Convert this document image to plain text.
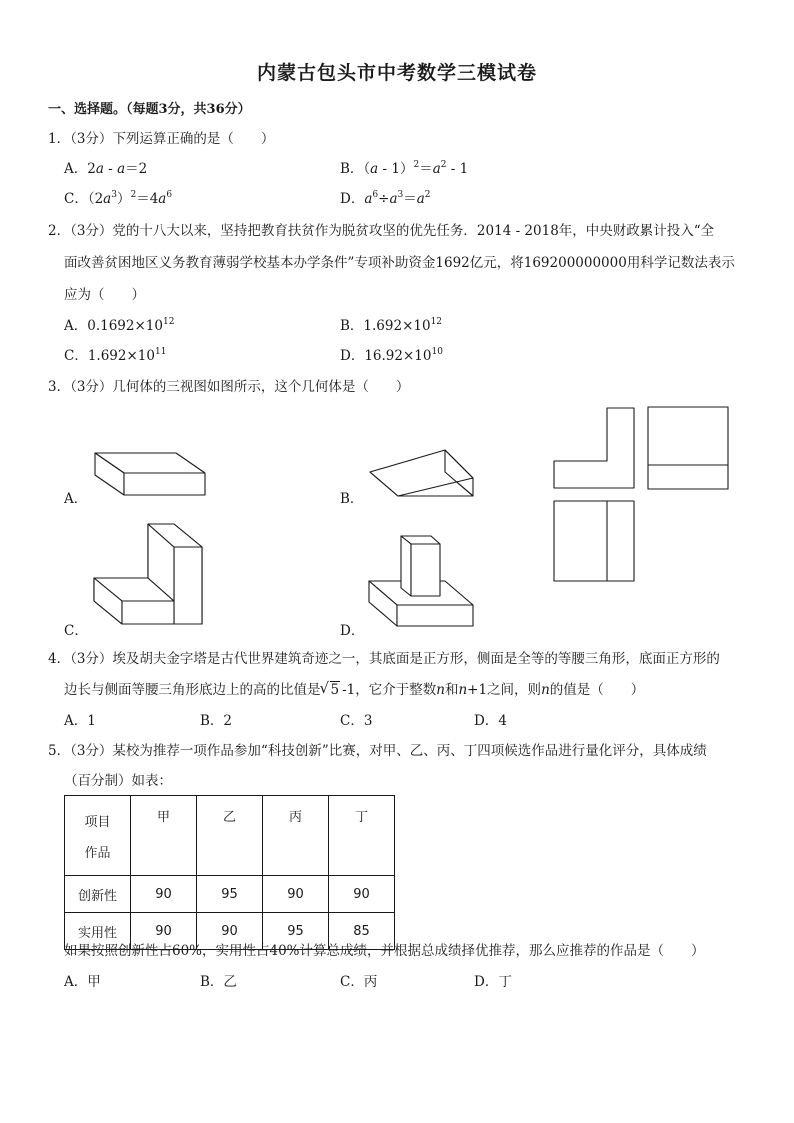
内蒙古包头市中考数学三模试卷
一、选择题。（每题3分，共36分）
1．（3分）下列运算正确的是（　　）
A．2a - a＝2	B．$(a - 1)^2=a^2 - 1$
C．$(2a^3)^2=4a^6$	D．$a^6\div a^3=a^2$
2．（3分）党的十八大以来，坚持把教育扶贫作为脱贫攻坚的优先任务．2014 - 2018年，中央财政累计投入“全
面改善贫困地区义务教育薄弱学校基本办学条件”专项补助资金1692亿元，将169200000000用科学记数法表示
应为（　　）
A．$0.1692\times 10^{12}$	B．$1.692\times 10^{12}$
C．$1.692\times 10^{11}$	D．$16.92\times 10^{10}$
3．（3分）几何体的三视图如图所示，这个几何体是（　　）
A．	B．
C．	D．
4．（3分）埃及胡夫金字塔是古代世界建筑奇迹之一，其底面是正方形，侧面是全等的等腰三角形，底面正方形的
边长与侧面等腰三角形底边上的高的比值是 √ 5 -1，它介于整数n和n+1之间，则n的值是（　　）
A．1	B．2	C．3	D．4
5．（3分）某校为推荐一项作品参加“科技创新”比赛，对甲、乙、丙、丁四项候选作品进行量化评分，具体成绩
（百分制）如表：
项目
作品	甲	乙	丙	丁
创新性	90	95	90	90
实用性	90	90	95	85
如果按照创新性占60%，实用性占40%计算总成绩，并根据总成绩择优推荐，那么应推荐的作品是（　　）
A．甲	B．乙	C．丙	D．丁
